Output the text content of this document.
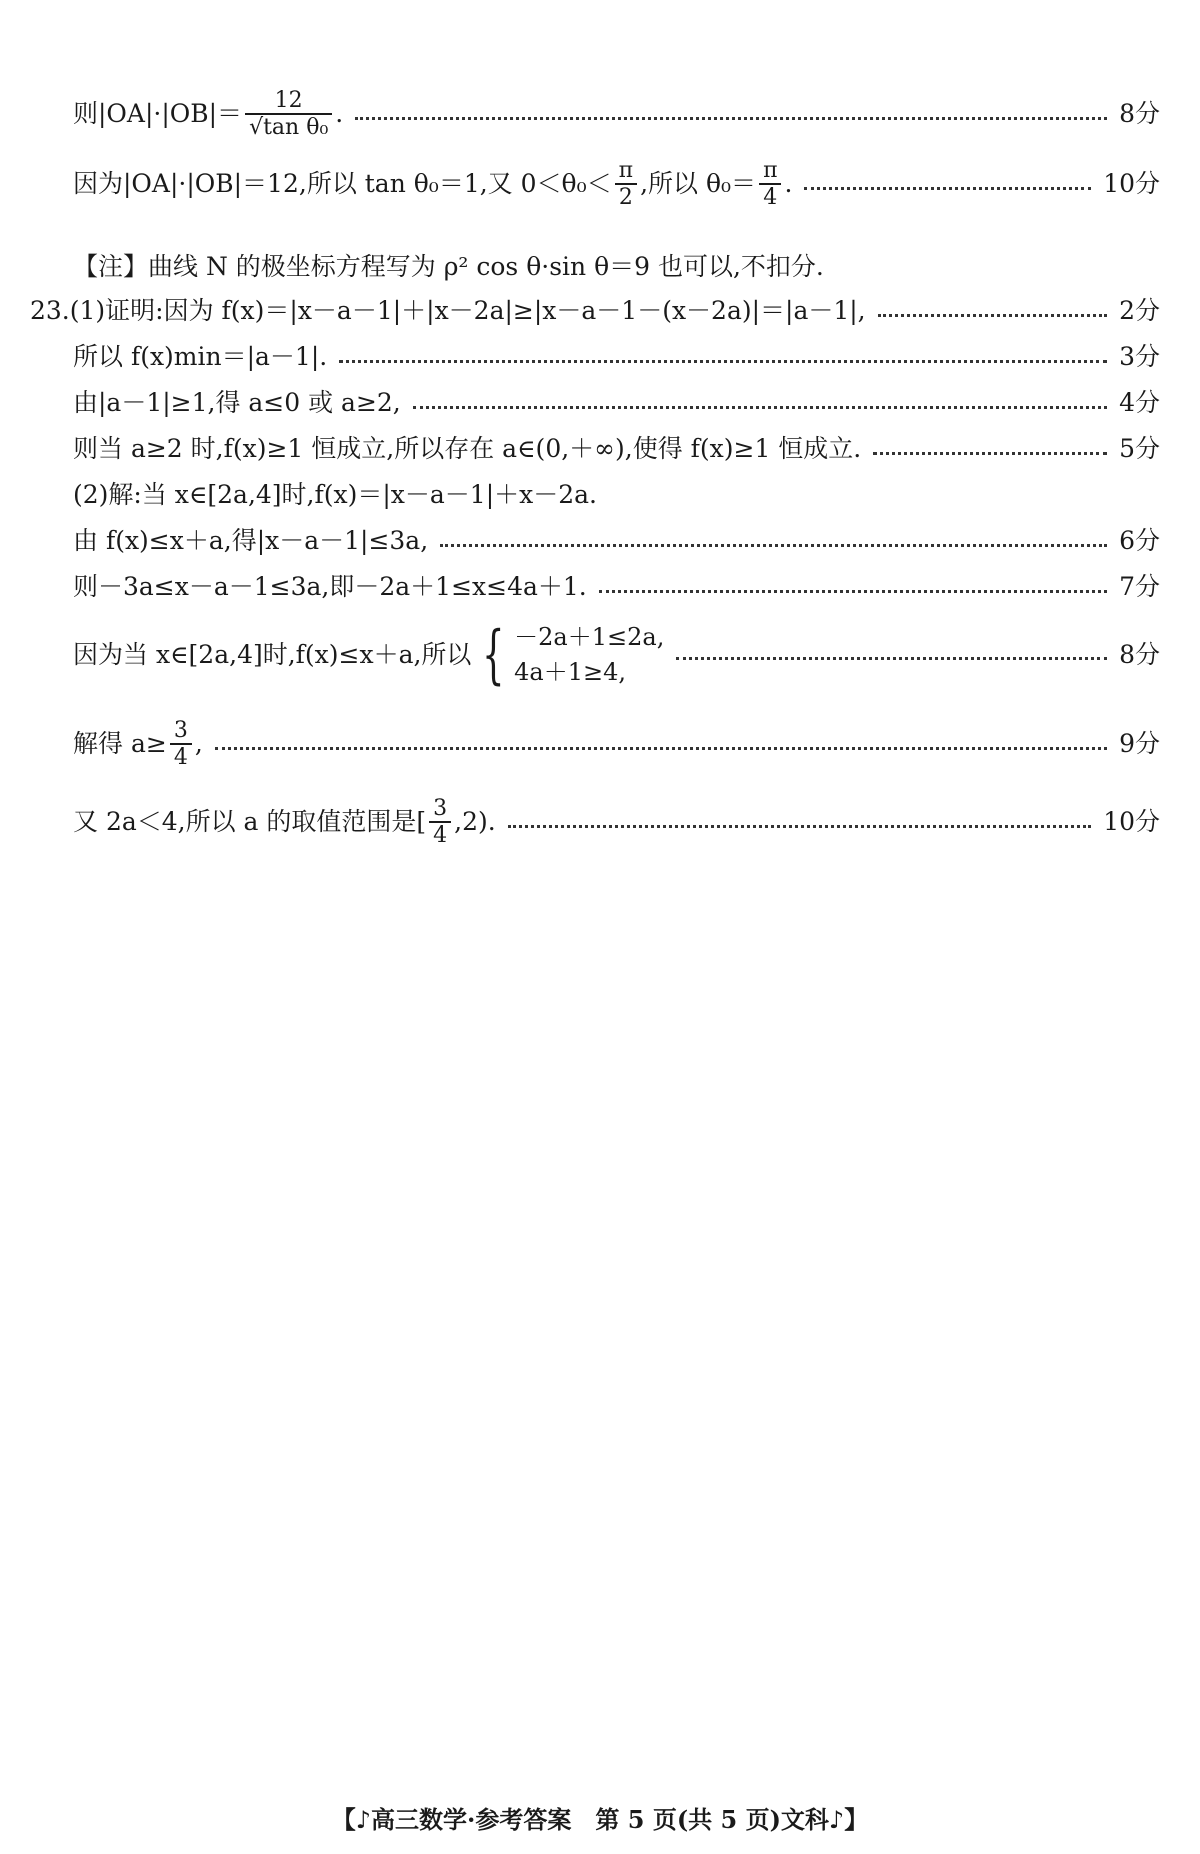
则$|OA|\cdot|OB|= \frac{12}{\text{√tan θ₀}}$ .	8分
因为|OA|·|OB|＝12,所以 tan θ₀＝1,又 $0<\theta_0< \frac{\pi}{2}$ ,所以 $\theta_0= \frac{\pi}{4}$ .	10分
【注】曲线 N 的极坐标方程写为 ρ² cos θ·sin θ＝9 也可以,不扣分.
23.(1)证明:因为 f(x)＝|x－a－1|＋|x－2a|≥|x－a－1－(x－2a)|＝|a－1|,	2分
所以 f(x)min＝|a－1|.	3分
由|a－1|≥1,得 a≤0 或 a≥2,	4分
则当 a≥2 时,f(x)≥1 恒成立,所以存在 a∈(0,＋∞),使得 f(x)≥1 恒成立.	5分
(2)解:当 x∈[2a,4]时,f(x)＝|x－a－1|＋x－2a.
由 f(x)≤x＋a,得|x－a－1|≤3a,	6分
则－3a≤x－a－1≤3a,即－2a＋1≤x≤4a＋1.	7分
因为当 x∈[2a,4]时,f(x)≤x＋a,所以 { －2a＋1≤2a,
4a＋1≥4,
8分
解得 $a\ge \frac{3}{4}$ ,	9分
又 2a＜4,所以 a 的取值范围是[ $\frac{3}{4} ,2$).	10分
【♪高三数学·参考答案　第 5 页(共 5 页)文科♪】
